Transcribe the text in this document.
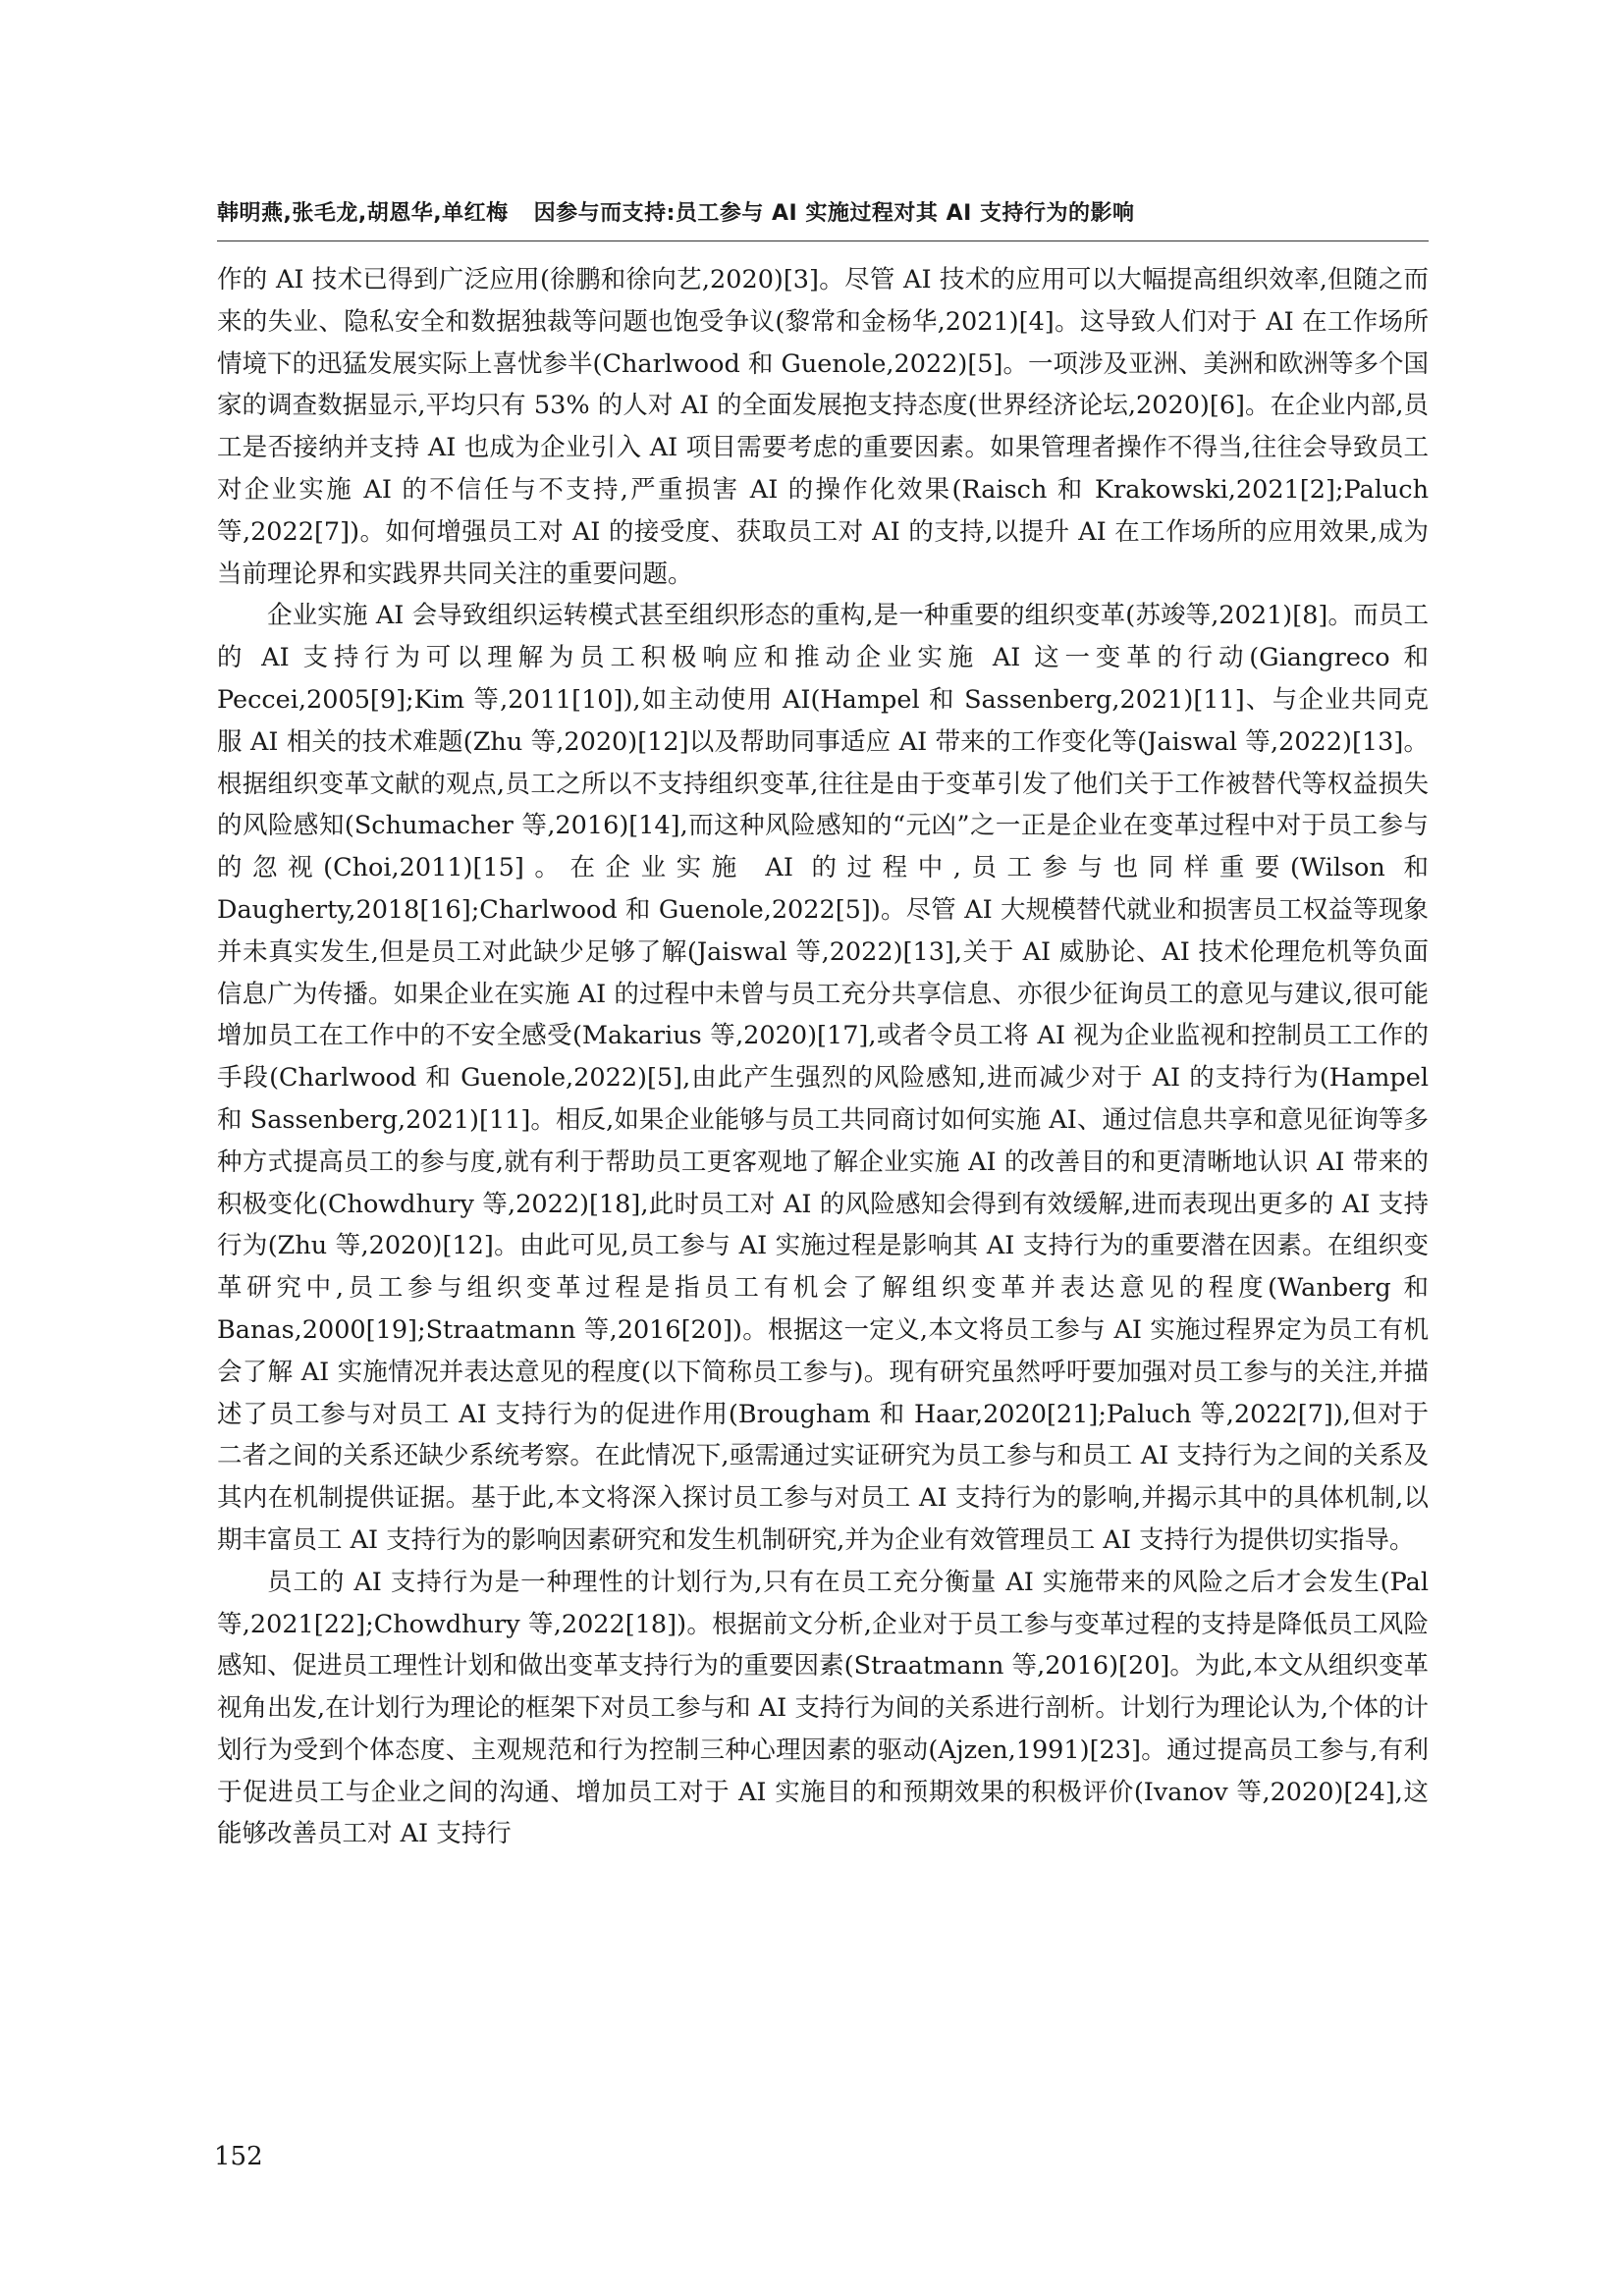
韩明燕,张毛龙,胡恩华,单红梅 因参与而支持:员工参与 AI 实施过程对其 AI 支持行为的影响

作的 AI 技术已得到广泛应用(徐鹏和徐向艺,2020)[3]。尽管 AI 技术的应用可以大幅提高组织效率,但随之而来的失业、隐私安全和数据独裁等问题也饱受争议(黎常和金杨华,2021)[4]。这导致人们对于 AI 在工作场所情境下的迅猛发展实际上喜忧参半(Charlwood 和 Guenole,2022)[5]。一项涉及亚洲、美洲和欧洲等多个国家的调查数据显示,平均只有 53% 的人对 AI 的全面发展抱支持态度(世界经济论坛,2020)[6]。在企业内部,员工是否接纳并支持 AI 也成为企业引入 AI 项目需要考虑的重要因素。如果管理者操作不得当,往往会导致员工对企业实施 AI 的不信任与不支持,严重损害 AI 的操作化效果(Raisch 和 Krakowski,2021[2];Paluch 等,2022[7])。如何增强员工对 AI 的接受度、获取员工对 AI 的支持,以提升 AI 在工作场所的应用效果,成为当前理论界和实践界共同关注的重要问题。

企业实施 AI 会导致组织运转模式甚至组织形态的重构,是一种重要的组织变革(苏竣等,2021)[8]。而员工的 AI 支持行为可以理解为员工积极响应和推动企业实施 AI 这一变革的行动(Giangreco 和 Peccei,2005[9];Kim 等,2011[10]),如主动使用 AI(Hampel 和 Sassenberg,2021)[11]、与企业共同克服 AI 相关的技术难题(Zhu 等,2020)[12]以及帮助同事适应 AI 带来的工作变化等(Jaiswal 等,2022)[13]。根据组织变革文献的观点,员工之所以不支持组织变革,往往是由于变革引发了他们关于工作被替代等权益损失的风险感知(Schumacher 等,2016)[14],而这种风险感知的“元凶”之一正是企业在变革过程中对于员工参与的忽视(Choi,2011)[15]。在企业实施 AI 的过程中,员工参与也同样重要(Wilson 和 Daugherty,2018[16];Charlwood 和 Guenole,2022[5])。尽管 AI 大规模替代就业和损害员工权益等现象并未真实发生,但是员工对此缺少足够了解(Jaiswal 等,2022)[13],关于 AI 威胁论、AI 技术伦理危机等负面信息广为传播。如果企业在实施 AI 的过程中未曾与员工充分共享信息、亦很少征询员工的意见与建议,很可能增加员工在工作中的不安全感受(Makarius 等,2020)[17],或者令员工将 AI 视为企业监视和控制员工工作的手段(Charlwood 和 Guenole,2022)[5],由此产生强烈的风险感知,进而减少对于 AI 的支持行为(Hampel 和 Sassenberg,2021)[11]。相反,如果企业能够与员工共同商讨如何实施 AI、通过信息共享和意见征询等多种方式提高员工的参与度,就有利于帮助员工更客观地了解企业实施 AI 的改善目的和更清晰地认识 AI 带来的积极变化(Chowdhury 等,2022)[18],此时员工对 AI 的风险感知会得到有效缓解,进而表现出更多的 AI 支持行为(Zhu 等,2020)[12]。由此可见,员工参与 AI 实施过程是影响其 AI 支持行为的重要潜在因素。在组织变革研究中,员工参与组织变革过程是指员工有机会了解组织变革并表达意见的程度(Wanberg 和 Banas,2000[19];Straatmann 等,2016[20])。根据这一定义,本文将员工参与 AI 实施过程界定为员工有机会了解 AI 实施情况并表达意见的程度(以下简称员工参与)。现有研究虽然呼吁要加强对员工参与的关注,并描述了员工参与对员工 AI 支持行为的促进作用(Brougham 和 Haar,2020[21];Paluch 等,2022[7]),但对于二者之间的关系还缺少系统考察。在此情况下,亟需通过实证研究为员工参与和员工 AI 支持行为之间的关系及其内在机制提供证据。基于此,本文将深入探讨员工参与对员工 AI 支持行为的影响,并揭示其中的具体机制,以期丰富员工 AI 支持行为的影响因素研究和发生机制研究,并为企业有效管理员工 AI 支持行为提供切实指导。

员工的 AI 支持行为是一种理性的计划行为,只有在员工充分衡量 AI 实施带来的风险之后才会发生(Pal 等,2021[22];Chowdhury 等,2022[18])。根据前文分析,企业对于员工参与变革过程的支持是降低员工风险感知、促进员工理性计划和做出变革支持行为的重要因素(Straatmann 等,2016)[20]。为此,本文从组织变革视角出发,在计划行为理论的框架下对员工参与和 AI 支持行为间的关系进行剖析。计划行为理论认为,个体的计划行为受到个体态度、主观规范和行为控制三种心理因素的驱动(Ajzen,1991)[23]。通过提高员工参与,有利于促进员工与企业之间的沟通、增加员工对于 AI 实施目的和预期效果的积极评价(Ivanov 等,2020)[24],这能够改善员工对 AI 支持行

152
